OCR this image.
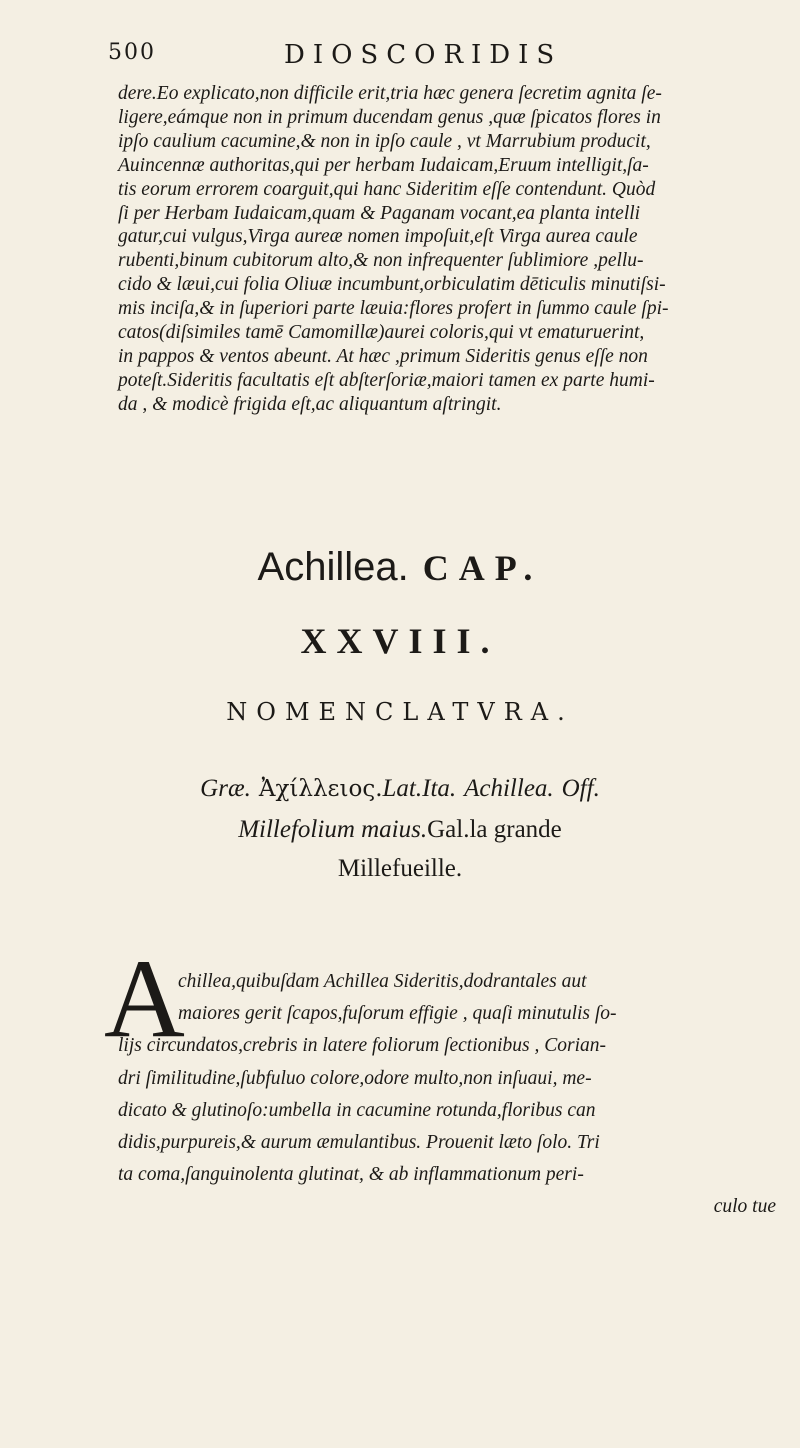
500	DIOSCORIDIS
dere.Eo explicato,non difficile erit,tria hæc genera ſecretim agnita ſe-
ligere,eámque non in primum ducendam genus ,quæ ſpicatos flores in
ipſo caulium cacumine,& non in ipſo caule , vt Marrubium producit,
Auincennæ authoritas,qui per herbam Iudaicam,Eruum intelligit,ſa-
tis eorum errorem coarguit,qui hanc Sideritim eſſe contendunt. Quòd
ſi per Herbam Iudaicam,quam & Paganam vocant,ea planta intelli
gatur,cui vulgus,Virga aureæ nomen impoſuit,eſt Virga aurea caule
rubenti,binum cubitorum alto,& non infrequenter ſublimiore ,pellu-
cido & læui,cui folia Oliuæ incumbunt,orbiculatim dēticulis minutiſsi-
mis inciſa,& in ſuperiori parte læuia:flores profert in ſummo caule ſpi-
catos(diſsimiles tamē Camomillæ)aurei coloris,qui vt ematuruerint,
in pappos & ventos abeunt. At hæc ,primum Sideritis genus eſſe non
poteſt.Sideritis facultatis eſt abſterſoriæ,maiori tamen ex parte humi-
da , & modicè frigida eſt,ac aliquantum aſtringit.
Achillea. CAP.
XXVIII.
NOMENCLATVRA.
Græ. Ἀχίλλειος.Lat.Ita. Achillea. Off.
Millefolium maius.Gal.la grande
Millefueille.
A
chillea,quibuſdam Achillea Sideritis,dodrantales aut
maiores gerit ſcapos,fuſorum effigie , quaſi minutulis ſo-
lijs circundatos,crebris in latere foliorum ſectionibus , Corian-
dri ſimilitudine,ſubfuluo colore,odore multo,non inſuaui, me-
dicato & glutinoſo:umbella in cacumine rotunda,floribus can
didis,purpureis,& aurum æmulantibus. Prouenit læto ſolo. Tri
ta coma,ſanguinolenta glutinat, & ab inflammationum peri-
culo tue
